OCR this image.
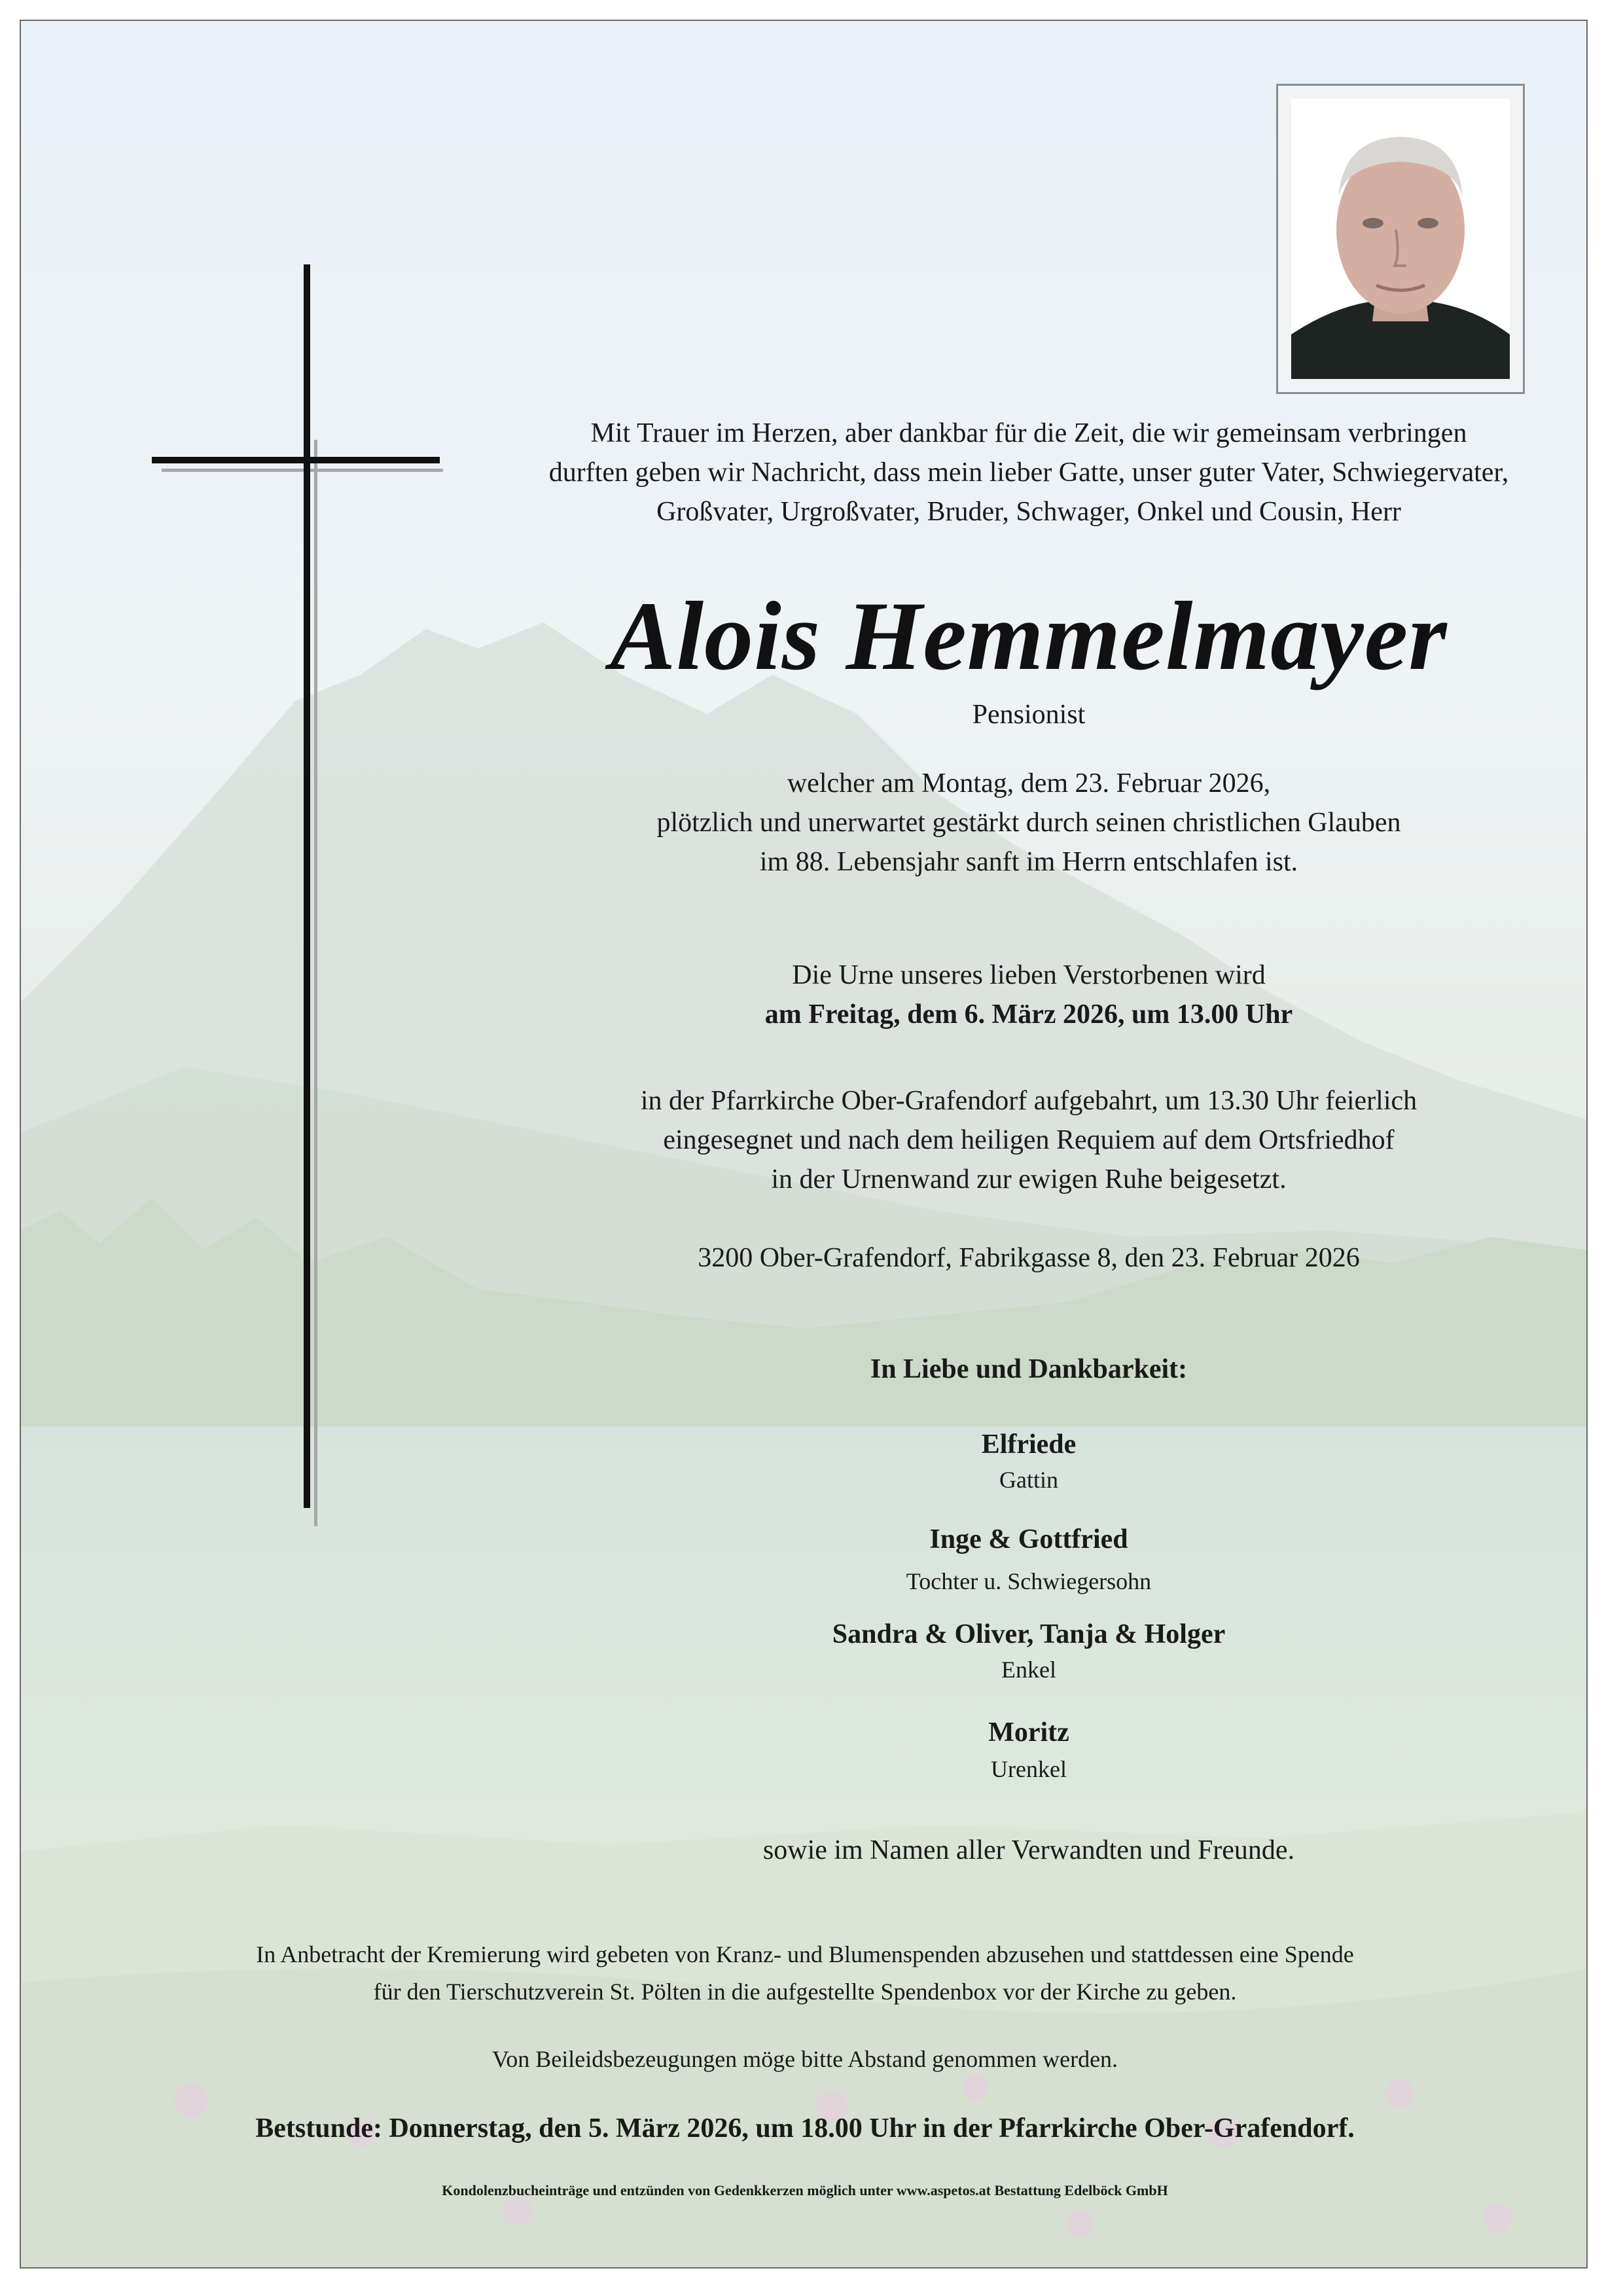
Mit Trauer im Herzen, aber dankbar für die Zeit, die wir gemeinsam verbringen
durften geben wir Nachricht, dass mein lieber Gatte, unser guter Vater, Schwiegervater,
Großvater, Urgroßvater, Bruder, Schwager, Onkel und Cousin, Herr
Alois Hemmelmayer
Pensionist
welcher am Montag, dem 23. Februar 2026,
plötzlich und unerwartet gestärkt durch seinen christlichen Glauben
im 88. Lebensjahr sanft im Herrn entschlafen ist.
Die Urne unseres lieben Verstorbenen wird
am Freitag, dem 6. März 2026, um 13.00 Uhr
in der Pfarrkirche Ober-Grafendorf aufgebahrt, um 13.30 Uhr feierlich
eingesegnet und nach dem heiligen Requiem auf dem Ortsfriedhof
in der Urnenwand zur ewigen Ruhe beigesetzt.
3200 Ober-Grafendorf, Fabrikgasse 8, den 23. Februar 2026
In Liebe und Dankbarkeit:
Elfriede
Gattin
Inge & Gottfried
Tochter u. Schwiegersohn
Sandra & Oliver, Tanja & Holger
Enkel
Moritz
Urenkel
sowie im Namen aller Verwandten und Freunde.
In Anbetracht der Kremierung wird gebeten von Kranz- und Blumenspenden abzusehen und stattdessen eine Spende
für den Tierschutzverein St. Pölten in die aufgestellte Spendenbox vor der Kirche zu geben.
Von Beileidsbezeugungen möge bitte Abstand genommen werden.
Betstunde: Donnerstag, den 5. März 2026, um 18.00 Uhr in der Pfarrkirche Ober-Grafendorf.
Kondolenzbucheinträge und entzünden von Gedenkkerzen möglich unter www.aspetos.at Bestattung Edelböck GmbH
